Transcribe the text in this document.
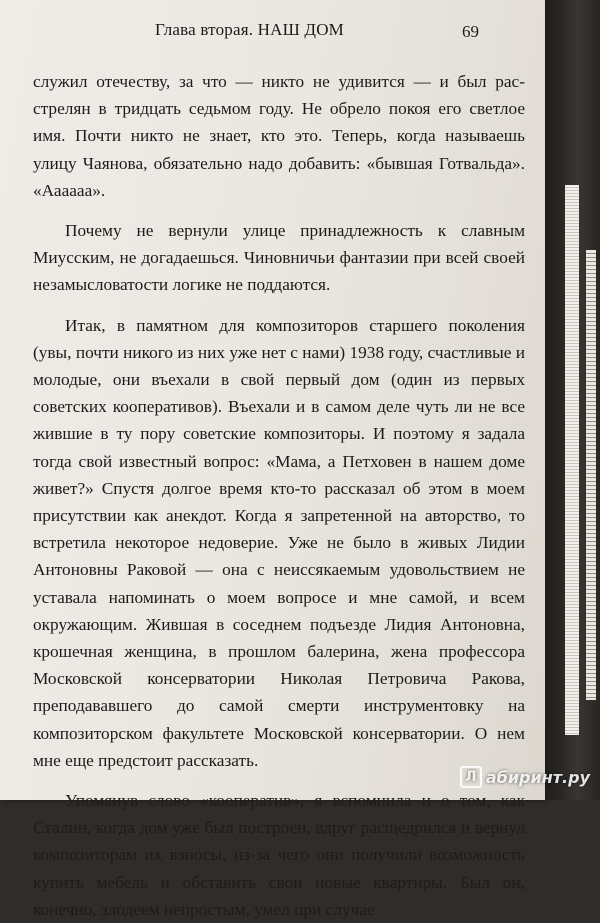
Глава вторая. НАШ ДОМ	69

служил отечеству, за что — никто не удивится — и был расстрелян в тридцать седьмом году. Не обрело покоя его светлое имя. Почти никто не знает, кто это. Теперь, когда называешь улицу Чаянова, обязательно надо добавить: «бывшая Готвальда». «Аааааа».

Почему не вернули улице принадлежность к славным Миусским, не догадаешься. Чиновничьи фантазии при всей своей незамысловатости логике не поддаются.

Итак, в памятном для композиторов старшего поколения (увы, почти никого из них уже нет с нами) 1938 году, счастливые и молодые, они въехали в свой первый дом (один из первых советских кооперативов). Въехали и в самом деле чуть ли не все жившие в ту пору советские композиторы. И поэтому я задала тогда свой известный вопрос: «Мама, а Петховен в нашем доме живет?» Спустя долгое время кто-то рассказал об этом в моем присутствии как анекдот. Когда я запретенной на авторство, то встретила некоторое недоверие. Уже не было в живых Лидии Антоновны Раковой — она с неиссякаемым удовольствием не уставала напоминать о моем вопросе и мне самой, и всем окружающим. Жившая в соседнем подъезде Лидия Антоновна, крошечная женщина, в прошлом балерина, жена профессора Московской консерватории Николая Петровича Ракова, преподававшего до самой смерти инструментовку на композиторском факультете Московской консерватории. О нем мне еще предстоит рассказать.

Упомянув слово «кооператив», я вспомнила и о том, как Сталин, когда дом уже был построен, вдруг расщедрился и вернул композиторам их взносы, из-за чего они получили возможность купить мебель и обставить свои новые квартиры. Был он, конечно, злодеем непростым, умел при случае

Л абиринт.ру
